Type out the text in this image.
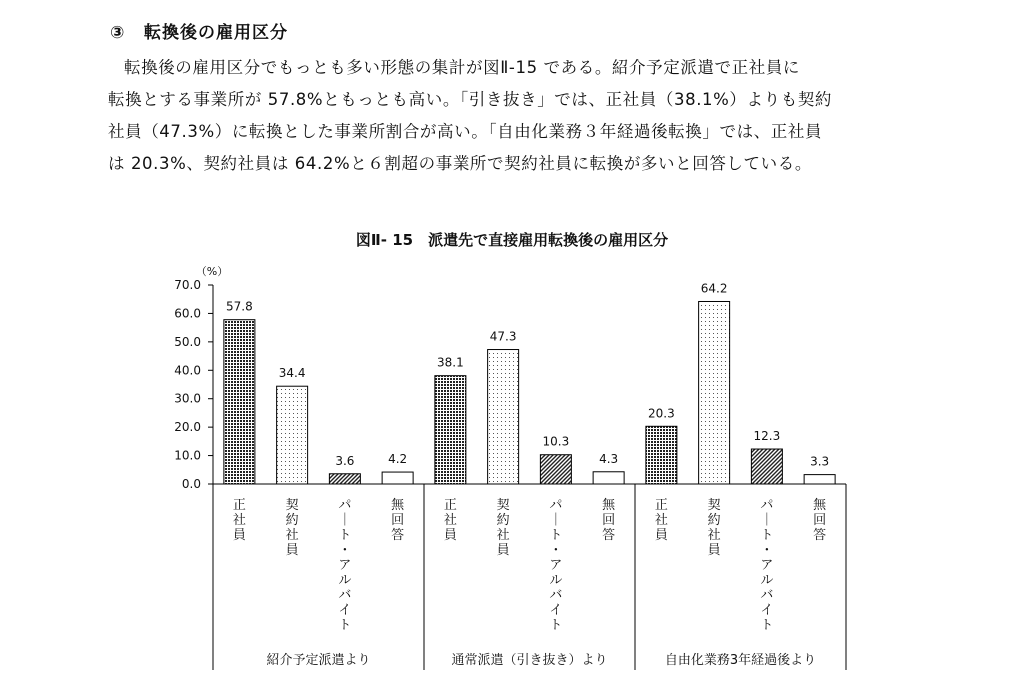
③ 転換後の雇用区分

転換後の雇用区分でもっとも多い形態の集計が図Ⅱ-15 である。紹介予定派遣で正社員に

転換とする事業所が 57.8%ともっとも高い。「引き抜き」では、正社員（38.1%）よりも契約

社員（47.3%）に転換とした事業所割合が高い。「自由化業務３年経過後転換」では、正社員

は 20.3%、契約社員は 64.2%と６割超の事業所で契約社員に転換が多いと回答している。

図Ⅱ- 15　派遣先で直接雇用転換後の雇用区分
（%）
0.0
10.0
20.0
30.0
40.0
50.0
60.0
70.0
57.8
正
社
員
34.4
契
約
社
員
3.6
パ
｜
ト
・
ア
ル
バ
イ
ト
4.2
無
回
答
紹介予定派遣より
38.1
正
社
員
47.3
契
約
社
員
10.3
パ
｜
ト
・
ア
ル
バ
イ
ト
4.3
無
回
答
通常派遣（引き抜き）より
20.3
正
社
員
64.2
契
約
社
員
12.3
パ
｜
ト
・
ア
ル
バ
イ
ト
3.3
無
回
答
自由化業務3年経過後より
